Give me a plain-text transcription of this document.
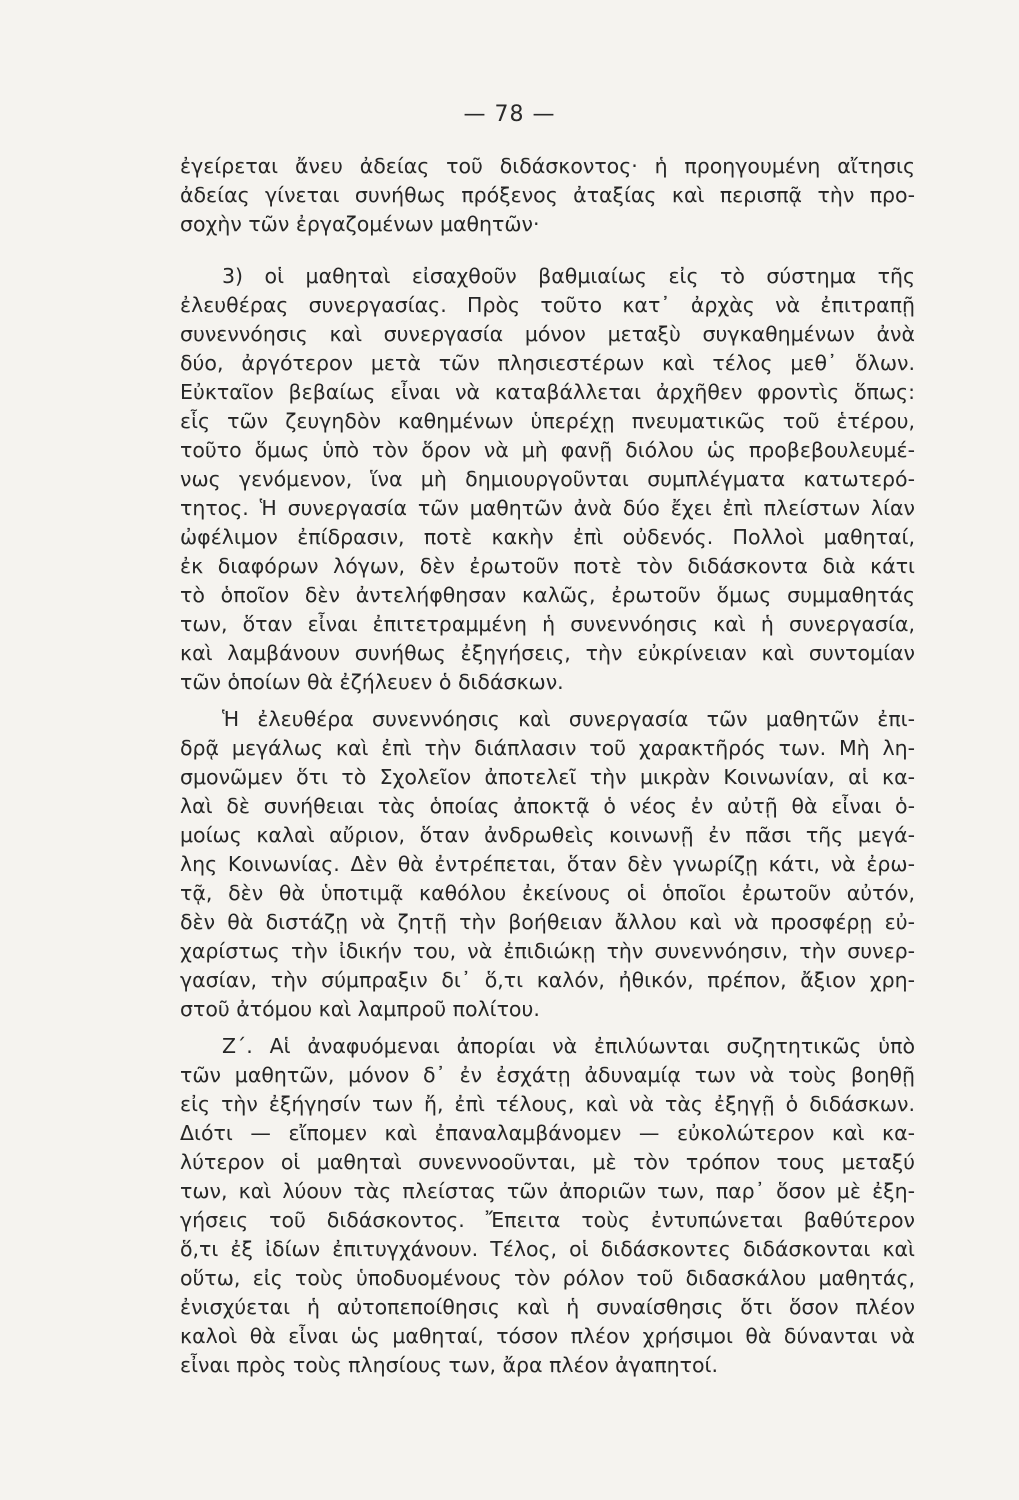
— 78 —
ἐγείρεται ἄνευ ἀδείας τοῦ διδάσκοντος· ἡ προηγουμένη αἴτησις
ἀδείας γίνεται συνήθως πρόξενος ἀταξίας καὶ περισπᾷ τὴν προ-
σοχὴν τῶν ἐργαζομένων μαθητῶν·
3) οἱ μαθηταὶ εἰσαχθοῦν βαθμιαίως εἰς τὸ σύστημα τῆς
ἐλευθέρας συνεργασίας. Πρὸς τοῦτο κατ᾽ ἀρχὰς νὰ ἐπιτραπῇ
συνεννόησις καὶ συνεργασία μόνον μεταξὺ συγκαθημένων ἀνὰ
δύο, ἀργότερον μετὰ τῶν πλησιεστέρων καὶ τέλος μεθ᾽ ὅλων.
Εὐκταῖον βεβαίως εἶναι νὰ καταβάλλεται ἀρχῆθεν φροντὶς ὅπως:
εἷς τῶν ζευγηδὸν καθημένων ὑπερέχῃ πνευματικῶς τοῦ ἑτέρου,
τοῦτο ὅμως ὑπὸ τὸν ὅρον νὰ μὴ φανῇ διόλου ὡς προβεβουλευμέ-
νως γενόμενον, ἵνα μὴ δημιουργοῦνται συμπλέγματα κατωτερό-
τητος. Ἡ συνεργασία τῶν μαθητῶν ἀνὰ δύο ἔχει ἐπὶ πλείστων λίαν
ὠφέλιμον ἐπίδρασιν, ποτὲ κακὴν ἐπὶ οὐδενός. Πολλοὶ μαθηταί,
ἐκ διαφόρων λόγων, δὲν ἐρωτοῦν ποτὲ τὸν διδάσκοντα διὰ κάτι
τὸ ὁποῖον δὲν ἀντελήφθησαν καλῶς, ἐρωτοῦν ὅμως συμμαθητάς
των, ὅταν εἶναι ἐπιτετραμμένη ἡ συνεννόησις καὶ ἡ συνεργασία,
καὶ λαμβάνουν συνήθως ἐξηγήσεις, τὴν εὐκρίνειαν καὶ συντομίαν
τῶν ὁποίων θὰ ἐζήλευεν ὁ διδάσκων.
Ἡ ἐλευθέρα συνεννόησις καὶ συνεργασία τῶν μαθητῶν ἐπι-
δρᾷ μεγάλως καὶ ἐπὶ τὴν διάπλασιν τοῦ χαρακτῆρός των. Μὴ λη-
σμονῶμεν ὅτι τὸ Σχολεῖον ἀποτελεῖ τὴν μικρὰν Κοινωνίαν, αἱ κα-
λαὶ δὲ συνήθειαι τὰς ὁποίας ἀποκτᾷ ὁ νέος ἐν αὐτῇ θὰ εἶναι ὁ-
μοίως καλαὶ αὔριον, ὅταν ἀνδρωθεὶς κοινωνῇ ἐν πᾶσι τῆς μεγά-
λης Κοινωνίας. Δὲν θὰ ἐντρέπεται, ὅταν δὲν γνωρίζῃ κάτι, νὰ ἐρω-
τᾷ, δὲν θὰ ὑποτιμᾷ καθόλου ἐκείνους οἱ ὁποῖοι ἐρωτοῦν αὐτόν,
δὲν θὰ διστάζῃ νὰ ζητῇ τὴν βοήθειαν ἄλλου καὶ νὰ προσφέρῃ εὐ-
χαρίστως τὴν ἰδικήν του, νὰ ἐπιδιώκῃ τὴν συνεννόησιν, τὴν συνερ-
γασίαν, τὴν σύμπραξιν δι᾽ ὅ,τι καλόν, ἠθικόν, πρέπον, ἄξιον χρη-
στοῦ ἀτόμου καὶ λαμπροῦ πολίτου.
Ζ΄. Αἱ ἀναφυόμεναι ἀπορίαι νὰ ἐπιλύωνται συζητητικῶς ὑπὸ
τῶν μαθητῶν, μόνον δ᾽ ἐν ἐσχάτῃ ἀδυναμίᾳ των νὰ τοὺς βοηθῇ
εἰς τὴν ἐξήγησίν των ἤ, ἐπὶ τέλους, καὶ νὰ τὰς ἐξηγῇ ὁ διδάσκων.
Διότι — εἴπομεν καὶ ἐπαναλαμβάνομεν — εὐκολώτερον καὶ κα-
λύτερον οἱ μαθηταὶ συνεννοοῦνται, μὲ τὸν τρόπον τους μεταξύ
των, καὶ λύουν τὰς πλείστας τῶν ἀποριῶν των, παρ᾽ ὅσον μὲ ἐξη-
γήσεις τοῦ διδάσκοντος. Ἔπειτα τοὺς ἐντυπώνεται βαθύτερον
ὅ,τι ἐξ ἰδίων ἐπιτυγχάνουν. Τέλος, οἱ διδάσκοντες διδάσκονται καὶ
οὕτω, εἰς τοὺς ὑποδυομένους τὸν ρόλον τοῦ διδασκάλου μαθητάς,
ἐνισχύεται ἡ αὐτοπεποίθησις καὶ ἡ συναίσθησις ὅτι ὅσον πλέον
καλοὶ θὰ εἶναι ὡς μαθηταί, τόσον πλέον χρήσιμοι θὰ δύνανται νὰ
εἶναι πρὸς τοὺς πλησίους των, ἄρα πλέον ἀγαπητοί.
